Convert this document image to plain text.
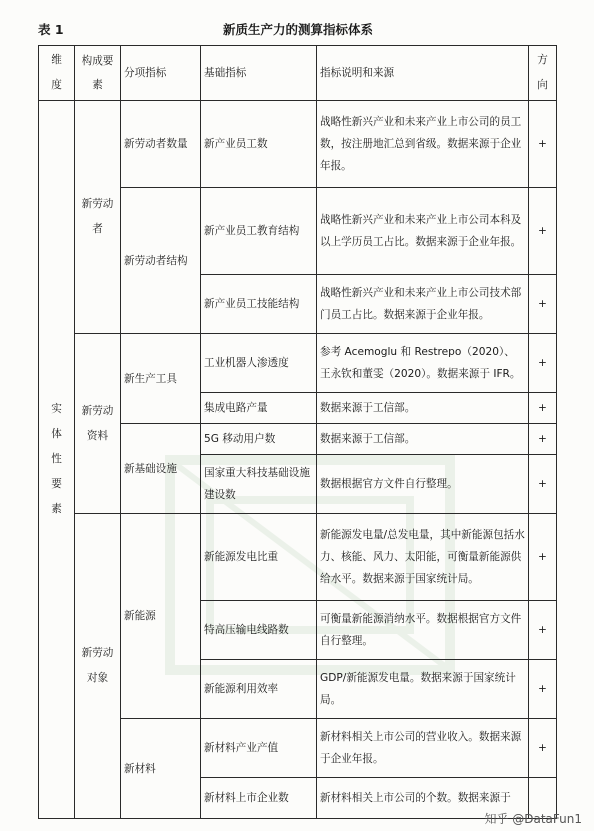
表 1	新质生产力的测算指标体系
维度	构成要素	分项指标	基础指标	指标说明和来源	方向
实体性要素	新劳动者	新劳动者数量	新产业员工数	战略性新兴产业和未来产业上市公司的员工数，按注册地汇总到省级。数据来源于企业年报。	+
		新劳动者结构	新产业员工教育结构	战略性新兴产业和未来产业上市公司本科及以上学历员工占比。数据来源于企业年报。	+
			新产业员工技能结构	战略性新兴产业和未来产业上市公司技术部门员工占比。数据来源于企业年报。	+
	新劳动资料	新生产工具	工业机器人渗透度	参考 Acemoglu 和 Restrepo（2020）、王永钦和董雯（2020）。数据来源于 IFR。	+
			集成电路产量	数据来源于工信部。	+
		新基础设施	5G 移动用户数	数据来源于工信部。	+
			国家重大科技基础设施建设数	数据根据官方文件自行整理。	+
	新劳动对象	新能源	新能源发电比重	新能源发电量/总发电量，其中新能源包括水力、核能、风力、太阳能，可衡量新能源供给水平。数据来源于国家统计局。	+
			特高压输电线路数	可衡量新能源消纳水平。数据根据官方文件自行整理。	+
			新能源利用效率	GDP/新能源发电量。数据来源于国家统计局。	+
		新材料	新材料产业产值	新材料相关上市公司的营业收入。数据来源于企业年报。	+
			新材料上市企业数	新材料相关上市公司的个数。数据来源于	
知乎 @DataFun1
